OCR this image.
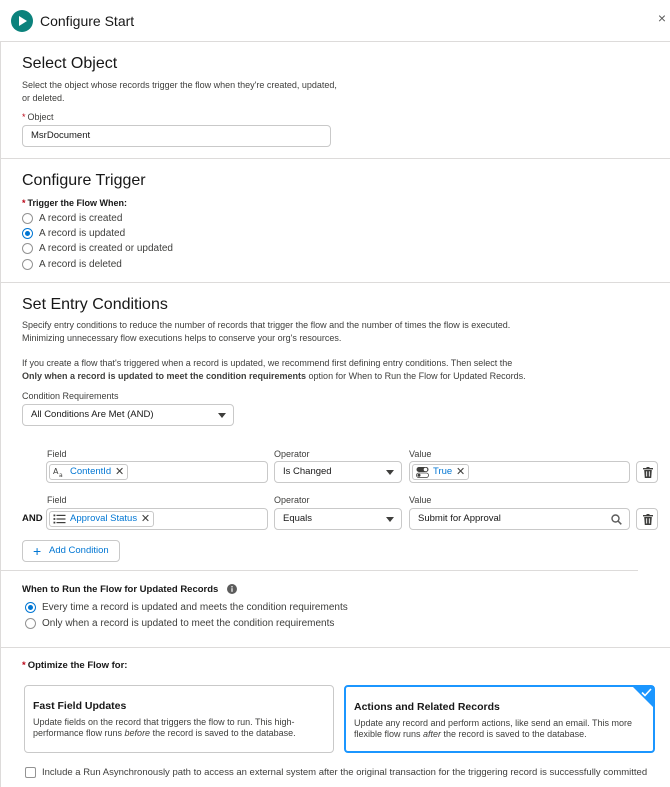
Configure Start	×
Select Object
Select the object whose records trigger the flow when they're created, updated, or deleted.
* Object
MsrDocument
Configure Trigger
* Trigger the Flow When:
A record is created
A record is updated
A record is created or updated
A record is deleted
Set Entry Conditions
Specify entry conditions to reduce the number of records that trigger the flow and the number of times the flow is executed.
Minimizing unnecessary flow executions helps to conserve your org's resources.
If you create a flow that's triggered when a record is updated, we recommend first defining entry conditions. Then select the
Only when a record is updated to meet the condition requirements option for When to Run the Flow for Updated Records.
Condition Requirements
All Conditions Are Met (AND)
Field	Operator	Value
A a ContentId ✕	Is Changed	True ✕
Field	Operator	Value
AND	Approval Status ✕	Equals	Submit for Approval
+ Add Condition
When to Run the Flow for Updated Records
Every time a record is updated and meets the condition requirements
Only when a record is updated to meet the condition requirements
* Optimize the Flow for:
Fast Field Updates
Update fields on the record that triggers the flow to run. This high-performance flow runs before the record is saved to the database.
Actions and Related Records
Update any record and perform actions, like send an email. This more flexible flow runs after the record is saved to the database.
Include a Run Asynchronously path to access an external system after the original transaction for the triggering record is successfully committed
